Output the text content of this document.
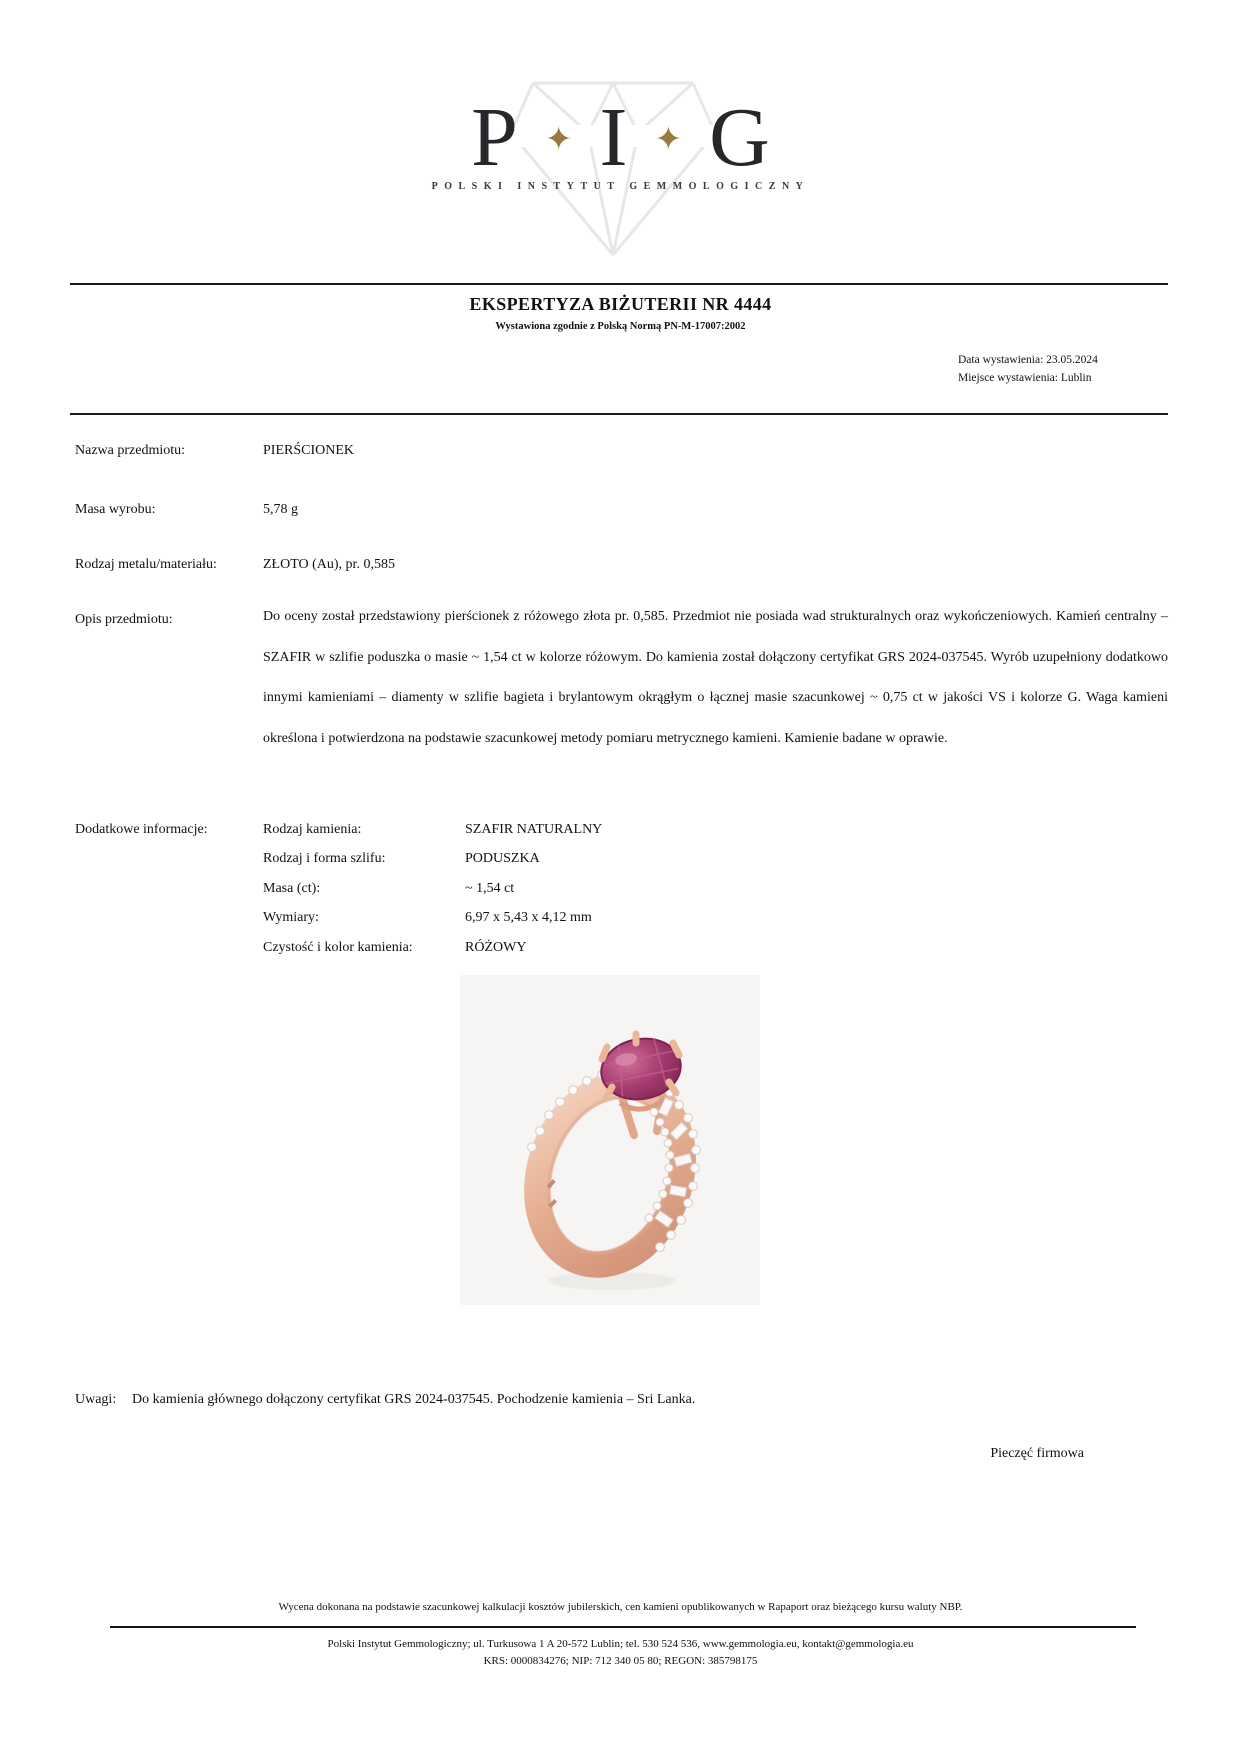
P ✦ I ✦ G
POLSKI INSTYTUT GEMMOLOGICZNY
EKSPERTYZA BIŻUTERII NR 4444
Wystawiona zgodnie z Polską Normą PN-M-17007:2002
Data wystawienia: 23.05.2024
Miejsce wystawienia: Lublin
Nazwa przedmiotu:	PIERŚCIONEK
Masa wyrobu:	5,78 g
Rodzaj metalu/materiału:	ZŁOTO (Au), pr. 0,585
Opis przedmiotu:	Do oceny został przedstawiony pierścionek z różowego złota pr. 0,585. Przedmiot nie posiada wad strukturalnych oraz wykończeniowych. Kamień centralny – SZAFIR w szlifie poduszka o masie ~ 1,54 ct w kolorze różowym. Do kamienia został dołączony certyfikat GRS 2024-037545. Wyrób uzupełniony dodatkowo innymi kamieniami – diamenty w szlifie bagieta i brylantowym okrągłym o łącznej masie szacunkowej ~ 0,75 ct w jakości VS i kolorze G. Waga kamieni określona i potwierdzona na podstawie szacunkowej metody pomiaru metrycznego kamieni. Kamienie badane w oprawie.
Dodatkowe informacje:	Rodzaj kamienia:	SZAFIR NATURALNY
Rodzaj i forma szlifu:	PODUSZKA
Masa (ct):	~ 1,54 ct
Wymiary:	6,97 x 5,43 x 4,12 mm
Czystość i kolor kamienia:	RÓŻOWY
Uwagi: Do kamienia głównego dołączony certyfikat GRS 2024-037545. Pochodzenie kamienia – Sri Lanka.
Pieczęć firmowa
Wycena dokonana na podstawie szacunkowej kalkulacji kosztów jubilerskich, cen kamieni opublikowanych w Rapaport oraz bieżącego kursu waluty NBP.
Polski Instytut Gemmologiczny; ul. Turkusowa 1 A 20-572 Lublin; tel. 530 524 536, www.gemmologia.eu, kontakt@gemmologia.eu
KRS: 0000834276; NIP: 712 340 05 80; REGON: 385798175
